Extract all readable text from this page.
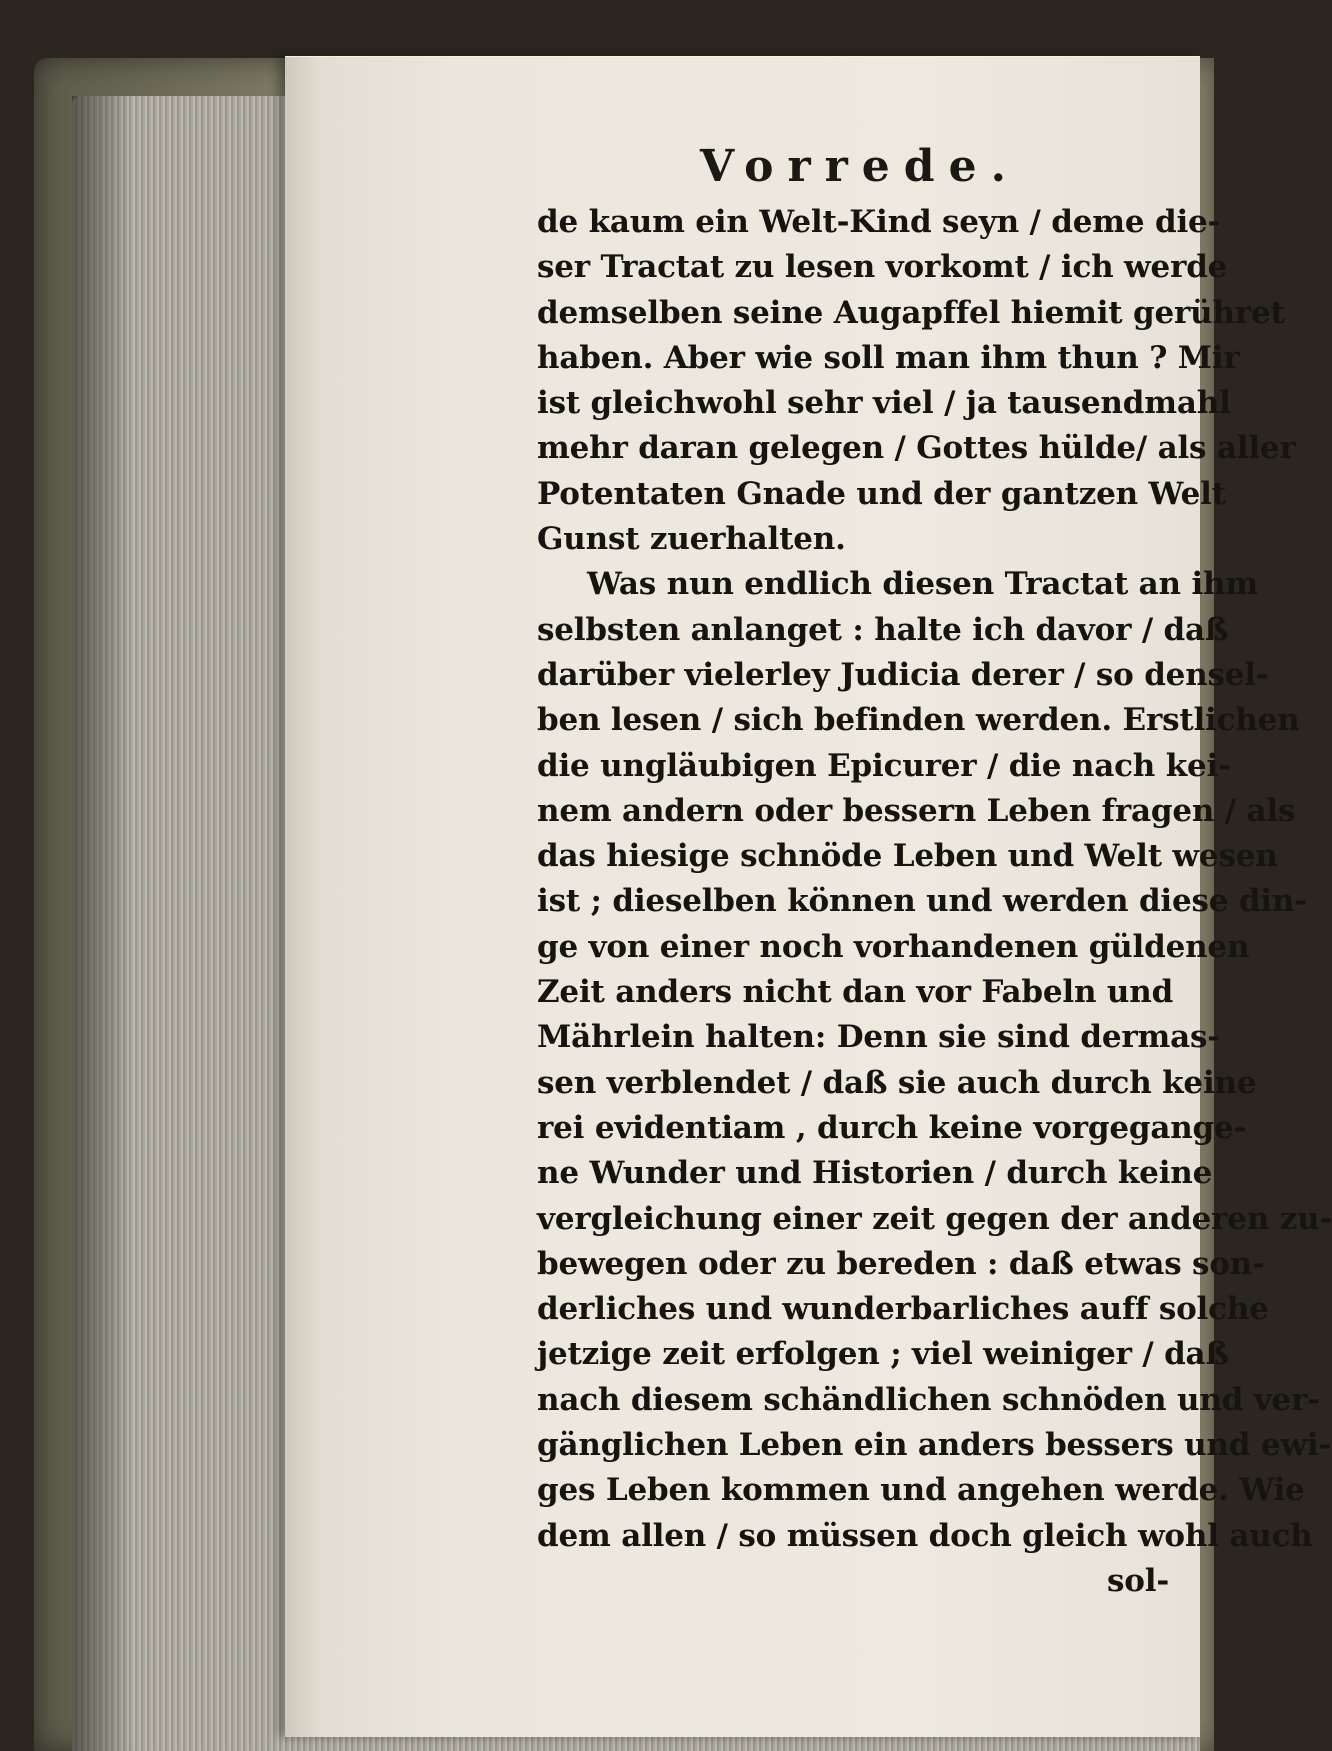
Vorrede.
de kaum ein Welt-Kind seyn / deme die-
ser Tractat zu lesen vorkomt / ich werde
demselben seine Augapffel hiemit gerühret
haben. Aber wie soll man ihm thun ? Mir
ist gleichwohl sehr viel / ja tausendmahl
mehr daran gelegen / Gottes hülde/ als aller
Potentaten Gnade und der gantzen Welt
Gunst zuerhalten.
Was nun endlich diesen Tractat an ihm
selbsten anlanget : halte ich davor / daß
darüber vielerley Judicia derer / so densel-
ben lesen / sich befinden werden. Erstlichen
die ungläubigen Epicurer / die nach kei-
nem andern oder bessern Leben fragen / als
das hiesige schnöde Leben und Welt wesen
ist ; dieselben können und werden diese din-
ge von einer noch vorhandenen güldenen
Zeit anders nicht dan vor Fabeln und
Mährlein halten: Denn sie sind dermas-
sen verblendet / daß sie auch durch keine
rei evidentiam , durch keine vorgegange-
ne Wunder und Historien / durch keine
vergleichung einer zeit gegen der anderen zu-
bewegen oder zu bereden : daß etwas son-
derliches und wunderbarliches auff solche
jetzige zeit erfolgen ; viel weiniger / daß
nach diesem schändlichen schnöden und ver-
gänglichen Leben ein anders bessers und ewi-
ges Leben kommen und angehen werde. Wie
dem allen / so müssen doch gleich wohl auch
sol-
